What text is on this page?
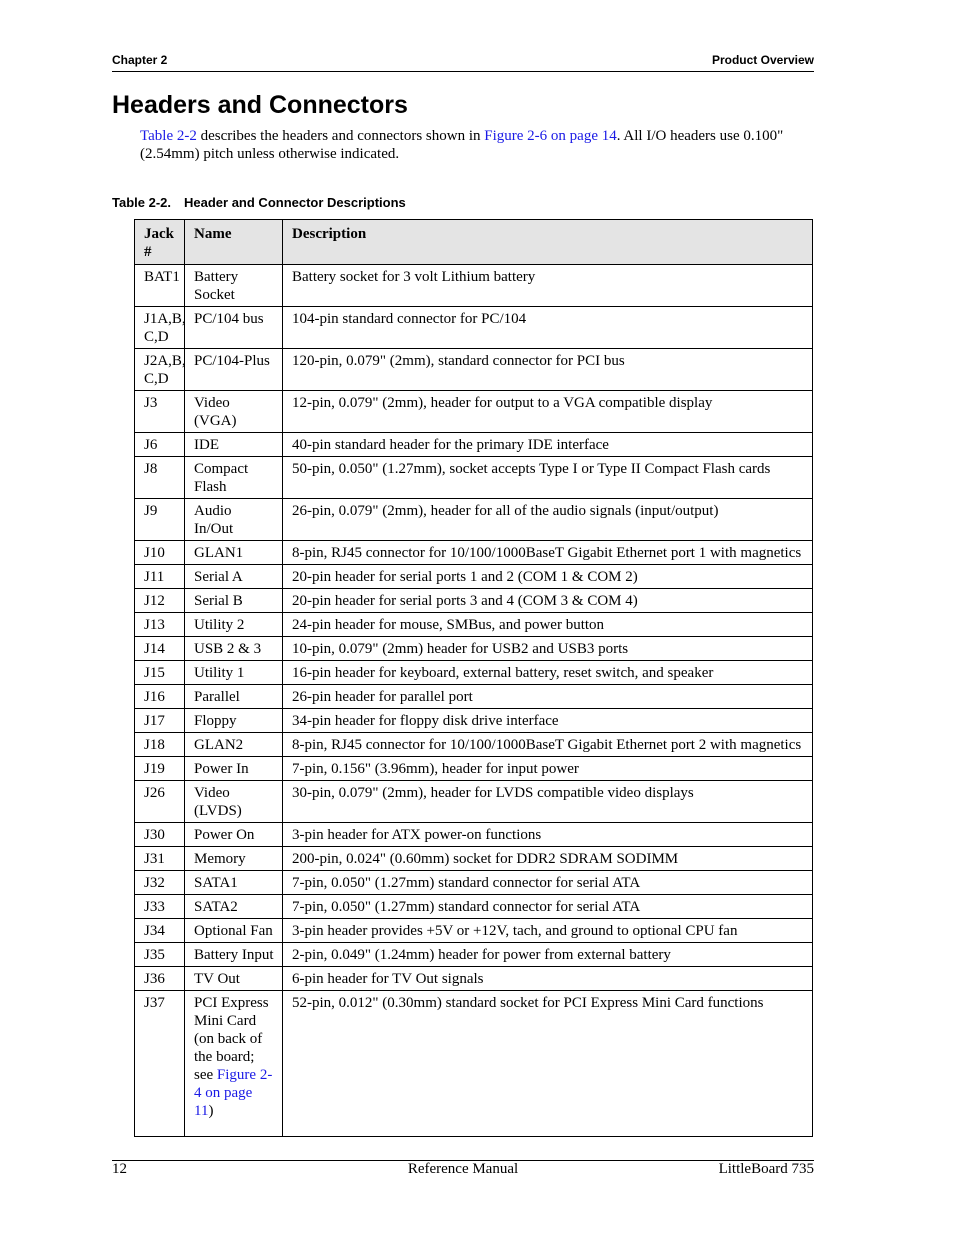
Chapter 2	Product Overview
Headers and Connectors

Table 2-2 describes the headers and connectors shown in Figure 2-6 on page 14. All I/O headers use 0.100" (2.54mm) pitch unless otherwise indicated.

Table 2-2. Header and Connector Descriptions

Jack #	Name	Description
BAT1	Battery Socket	Battery socket for 3 volt Lithium battery
J1A,B, C,D	PC/104 bus	104-pin standard connector for PC/104
J2A,B, C,D	PC/104-Plus	120-pin, 0.079" (2mm), standard connector for PCI bus
J3	Video (VGA)	12-pin, 0.079" (2mm), header for output to a VGA compatible display
J6	IDE	40-pin standard header for the primary IDE interface
J8	Compact Flash	50-pin, 0.050" (1.27mm), socket accepts Type I or Type II Compact Flash cards
J9	Audio In/Out	26-pin, 0.079" (2mm), header for all of the audio signals (input/output)
J10	GLAN1	8-pin, RJ45 connector for 10/100/1000BaseT Gigabit Ethernet port 1 with magnetics
J11	Serial A	20-pin header for serial ports 1 and 2 (COM 1 & COM 2)
J12	Serial B	20-pin header for serial ports 3 and 4 (COM 3 & COM 4)
J13	Utility 2	24-pin header for mouse, SMBus, and power button
J14	USB 2 & 3	10-pin, 0.079" (2mm) header for USB2 and USB3 ports
J15	Utility 1	16-pin header for keyboard, external battery, reset switch, and speaker
J16	Parallel	26-pin header for parallel port
J17	Floppy	34-pin header for floppy disk drive interface
J18	GLAN2	8-pin, RJ45 connector for 10/100/1000BaseT Gigabit Ethernet port 2 with magnetics
J19	Power In	7-pin, 0.156" (3.96mm), header for input power
J26	Video (LVDS)	30-pin, 0.079" (2mm), header for LVDS compatible video displays
J30	Power On	3-pin header for ATX power-on functions
J31	Memory	200-pin, 0.024" (0.60mm) socket for DDR2 SDRAM SODIMM
J32	SATA1	7-pin, 0.050" (1.27mm) standard connector for serial ATA
J33	SATA2	7-pin, 0.050" (1.27mm) standard connector for serial ATA
J34	Optional Fan	3-pin header provides +5V or +12V, tach, and ground to optional CPU fan
J35	Battery Input	2-pin, 0.049" (1.24mm) header for power from external battery
J36	TV Out	6-pin header for TV Out signals
J37	PCI Express Mini Card (on back of the board; see Figure 2-4 on page 11)	52-pin, 0.012" (0.30mm) standard socket for PCI Express Mini Card functions
12	Reference Manual	LittleBoard 735
